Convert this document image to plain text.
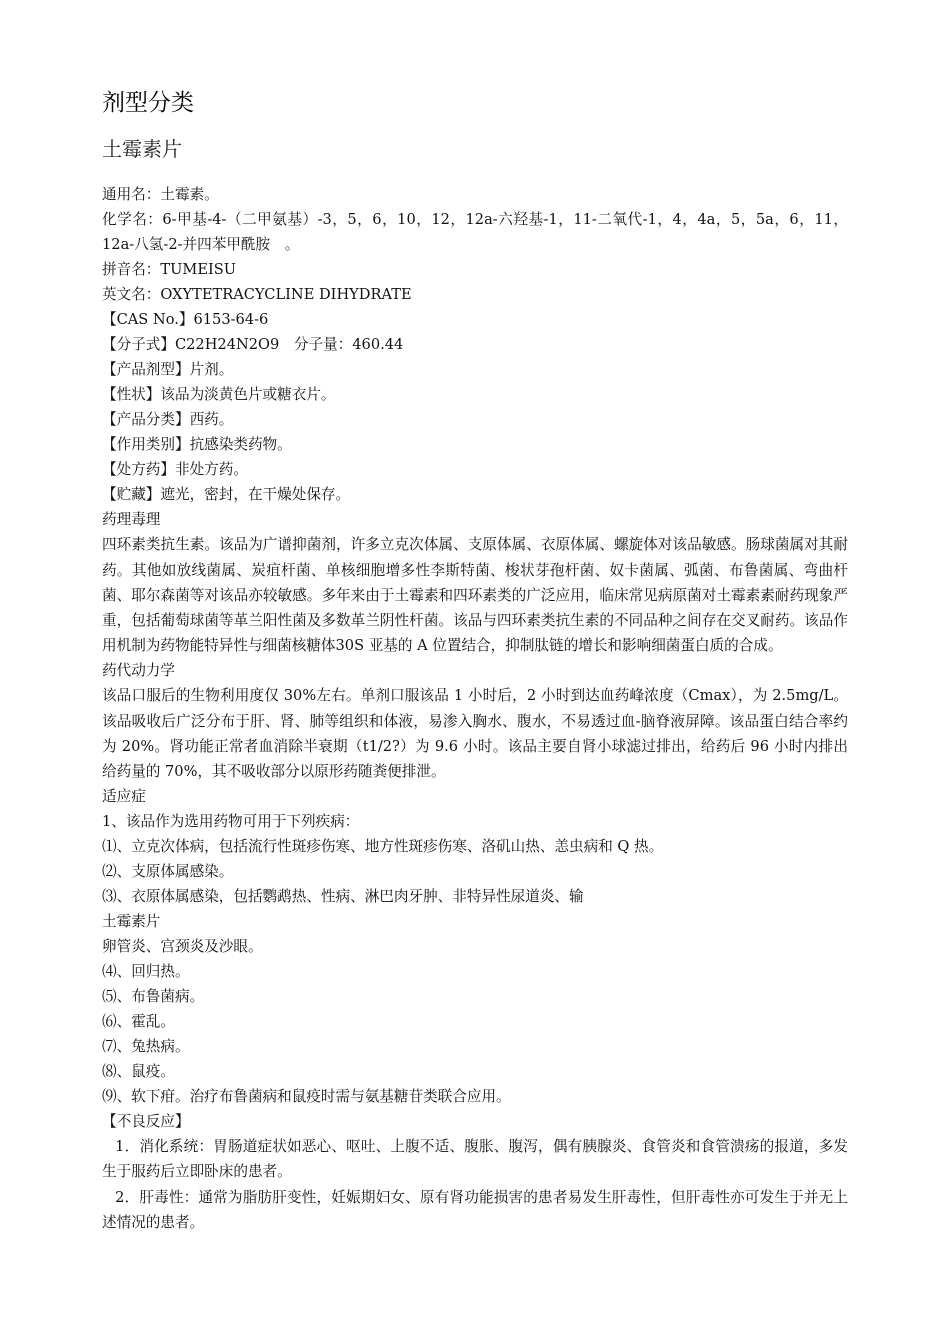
剂型分类
土霉素片
通用名：土霉素。
化学名：6-甲基-4-（二甲氨基）-3，5，6，10，12，12a-六羟基-1，11-二氧代-1，4，4a，5，5a，6，11，12a-八氢-2-并四苯甲酰胺　。
拼音名：TUMEISU
英文名：OXYTETRACYCLINE DIHYDRATE
【CAS No.】6153-64-6
【分子式】C22H24N2O9　分子量：460.44
【产品剂型】片剂。
【性状】该品为淡黄色片或糖衣片。
【产品分类】西药。
【作用类别】抗感染类药物。
【处方药】非处方药。
【贮藏】遮光，密封，在干燥处保存。
药理毒理
四环素类抗生素。该品为广谱抑菌剂，许多立克次体属、支原体属、衣原体属、螺旋体对该品敏感。肠球菌属对其耐药。其他如放线菌属、炭疽杆菌、单核细胞增多性李斯特菌、梭状芽孢杆菌、奴卡菌属、弧菌、布鲁菌属、弯曲杆菌、耶尔森菌等对该品亦较敏感。多年来由于土霉素和四环素类的广泛应用，临床常见病原菌对土霉素素耐药现象严重，包括葡萄球菌等革兰阳性菌及多数革兰阴性杆菌。该品与四环素类抗生素的不同品种之间存在交叉耐药。该品作用机制为药物能特异性与细菌核糖体30S 亚基的 A 位置结合，抑制肽链的增长和影响细菌蛋白质的合成。
药代动力学
该品口服后的生物利用度仅 30%左右。单剂口服该品 1 小时后，2 小时到达血药峰浓度（Cmax），为 2.5mg/L。该品吸收后广泛分布于肝、肾、肺等组织和体液，易渗入胸水、腹水，不易透过血-脑脊液屏障。该品蛋白结合率约为 20%。肾功能正常者血消除半衰期（t1/2?）为 9.6 小时。该品主要自肾小球滤过排出，给药后 96 小时内排出给药量的 70%，其不吸收部分以原形药随粪便排泄。
适应症
1、该品作为选用药物可用于下列疾病：
⑴、立克次体病，包括流行性斑疹伤寒、地方性斑疹伤寒、洛矶山热、恙虫病和 Q 热。
⑵、支原体属感染。
⑶、衣原体属感染，包括鹦鹉热、性病、淋巴肉牙肿、非特异性尿道炎、输
土霉素片
卵管炎、宫颈炎及沙眼。
⑷、回归热。
⑸、布鲁菌病。
⑹、霍乱。
⑺、兔热病。
⑻、鼠疫。
⑼、软下疳。治疗布鲁菌病和鼠疫时需与氨基糖苷类联合应用。
【不良反应】
1．消化系统：胃肠道症状如恶心、呕吐、上腹不适、腹胀、腹泻，偶有胰腺炎、食管炎和食管溃疡的报道，多发生于服药后立即卧床的患者。
2．肝毒性：通常为脂肪肝变性，妊娠期妇女、原有肾功能损害的患者易发生肝毒性，但肝毒性亦可发生于并无上述情况的患者。
